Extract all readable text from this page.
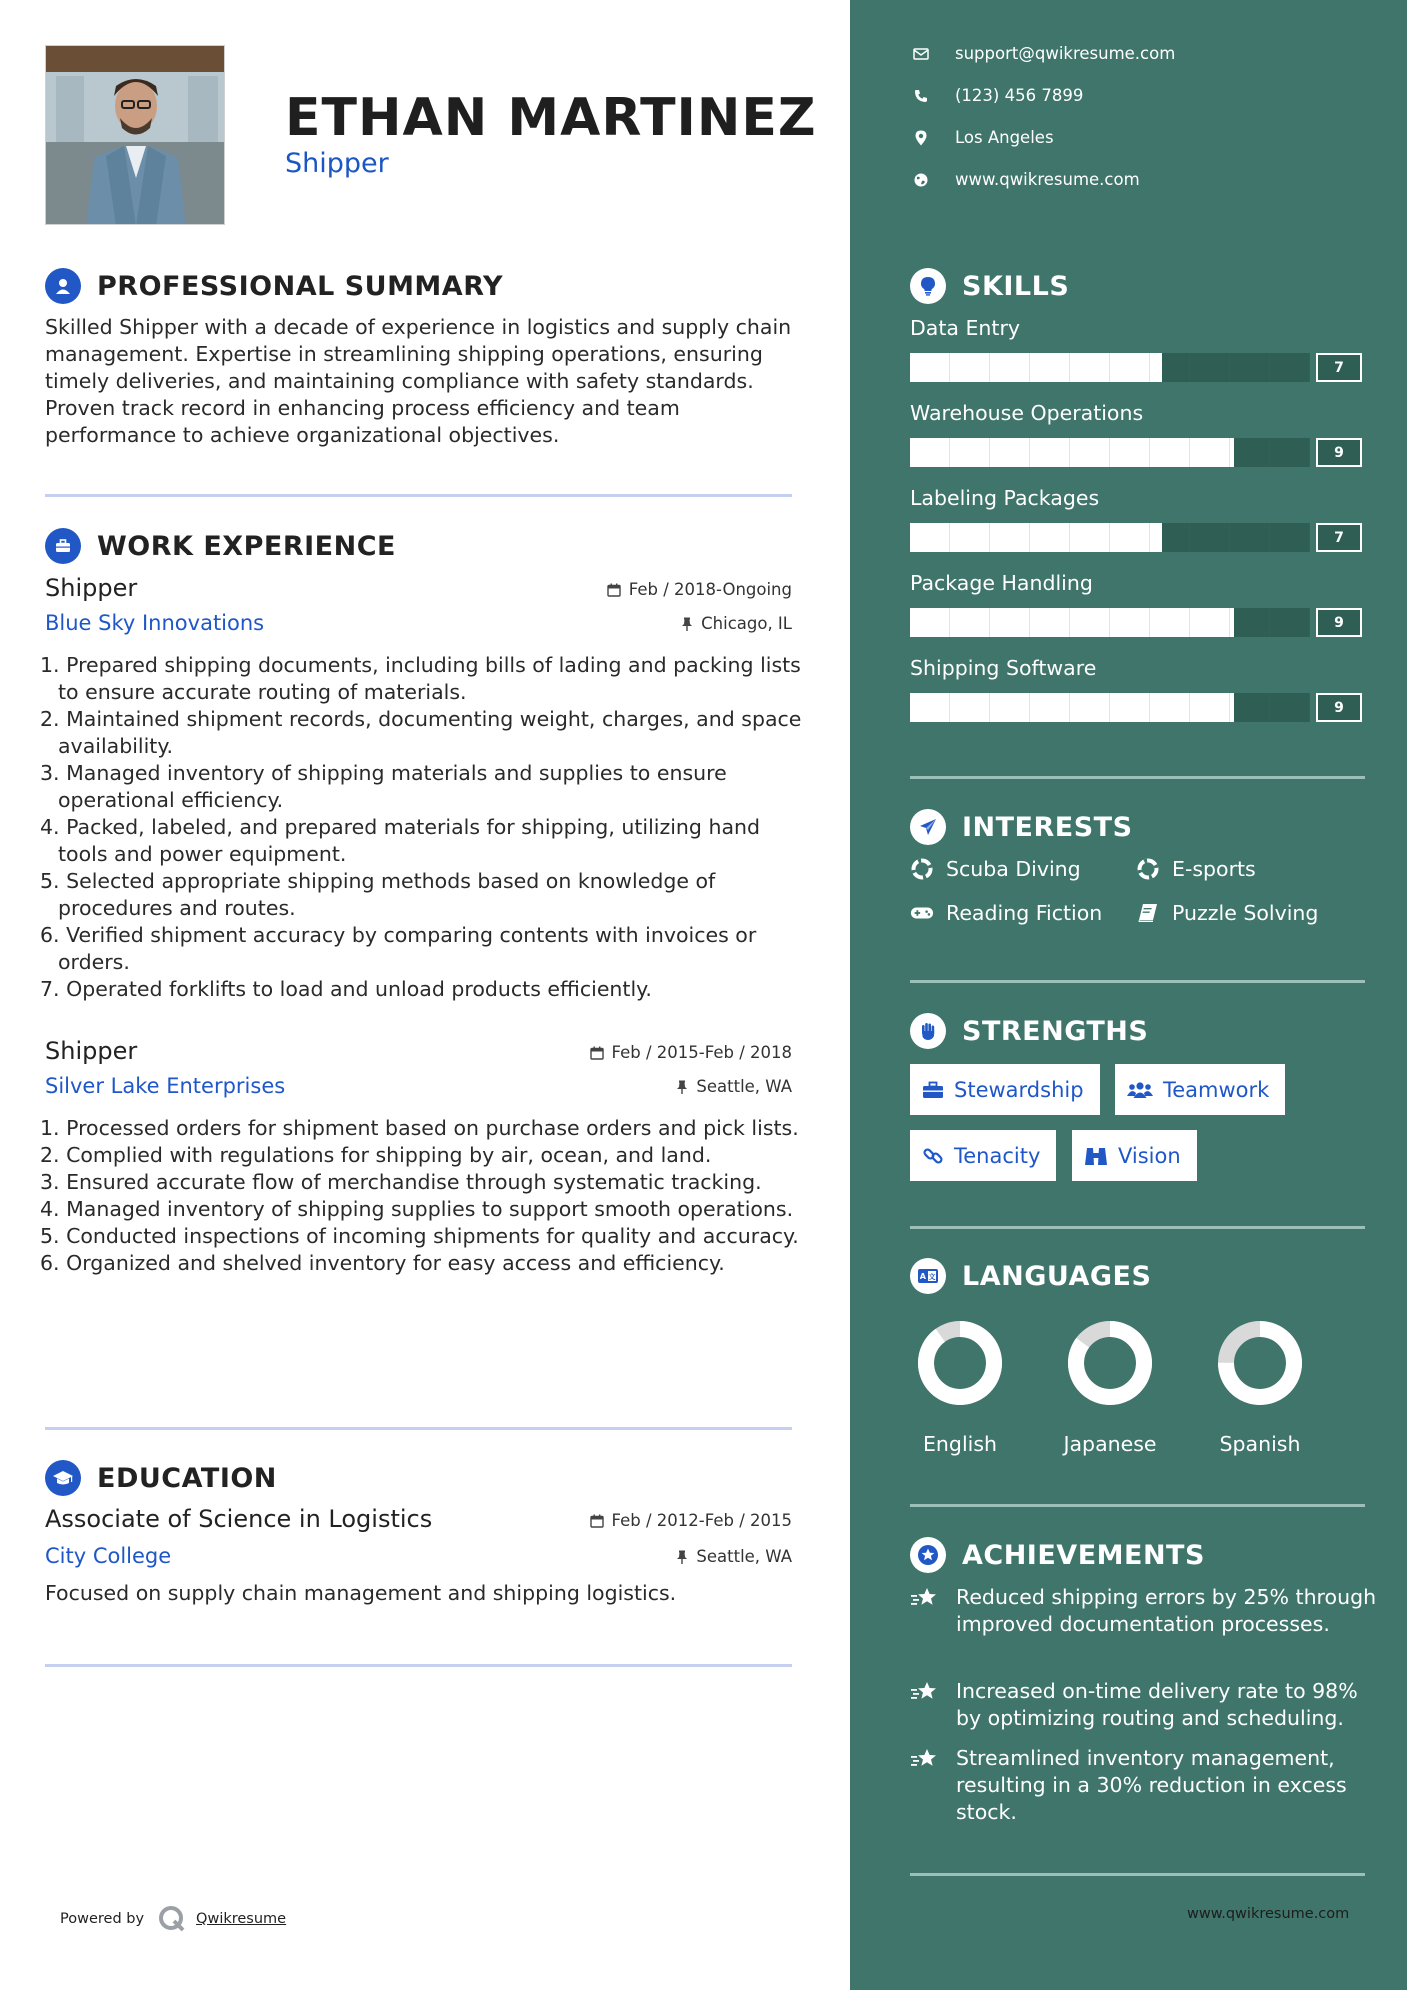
ETHAN MARTINEZ
Shipper
PROFESSIONAL SUMMARY
Skilled Shipper with a decade of experience in logistics and supply chain management. Expertise in streamlining shipping operations, ensuring timely deliveries, and maintaining compliance with safety standards. Proven track record in enhancing process efficiency and team performance to achieve organizational objectives.
WORK EXPERIENCE
Shipper	Feb / 2018-Ongoing
Blue Sky Innovations	Chicago, IL
1. Prepared shipping documents, including bills of lading and packing lists to ensure accurate routing of materials.
2. Maintained shipment records, documenting weight, charges, and space availability.
3. Managed inventory of shipping materials and supplies to ensure operational efficiency.
4. Packed, labeled, and prepared materials for shipping, utilizing hand tools and power equipment.
5. Selected appropriate shipping methods based on knowledge of procedures and routes.
6. Verified shipment accuracy by comparing contents with invoices or orders.
7. Operated forklifts to load and unload products efficiently.
Shipper	Feb / 2015-Feb / 2018
Silver Lake Enterprises	Seattle, WA
1. Processed orders for shipment based on purchase orders and pick lists.
2. Complied with regulations for shipping by air, ocean, and land.
3. Ensured accurate flow of merchandise through systematic tracking.
4. Managed inventory of shipping supplies to support smooth operations.
5. Conducted inspections of incoming shipments for quality and accuracy.
6. Organized and shelved inventory for easy access and efficiency.
EDUCATION
Associate of Science in Logistics	Feb / 2012-Feb / 2015
City College	Seattle, WA
Focused on supply chain management and shipping logistics.
Powered by	Qwikresume
support@qwikresume.com
(123) 456 7899
Los Angeles
www.qwikresume.com
SKILLS
Data Entry
7
Warehouse Operations
9
Labeling Packages
7
Package Handling
9
Shipping Software
9
INTERESTS
Scuba Diving	E-sports
Reading Fiction	Puzzle Solving
STRENGTHS
Stewardship	Teamwork
Tenacity	Vision
A 文 LANGUAGES
English	Japanese	Spanish
ACHIEVEMENTS
Reduced shipping errors by 25% through improved documentation processes.
Increased on-time delivery rate to 98% by optimizing routing and scheduling.
Streamlined inventory management, resulting in a 30% reduction in excess stock.
www.qwikresume.com
